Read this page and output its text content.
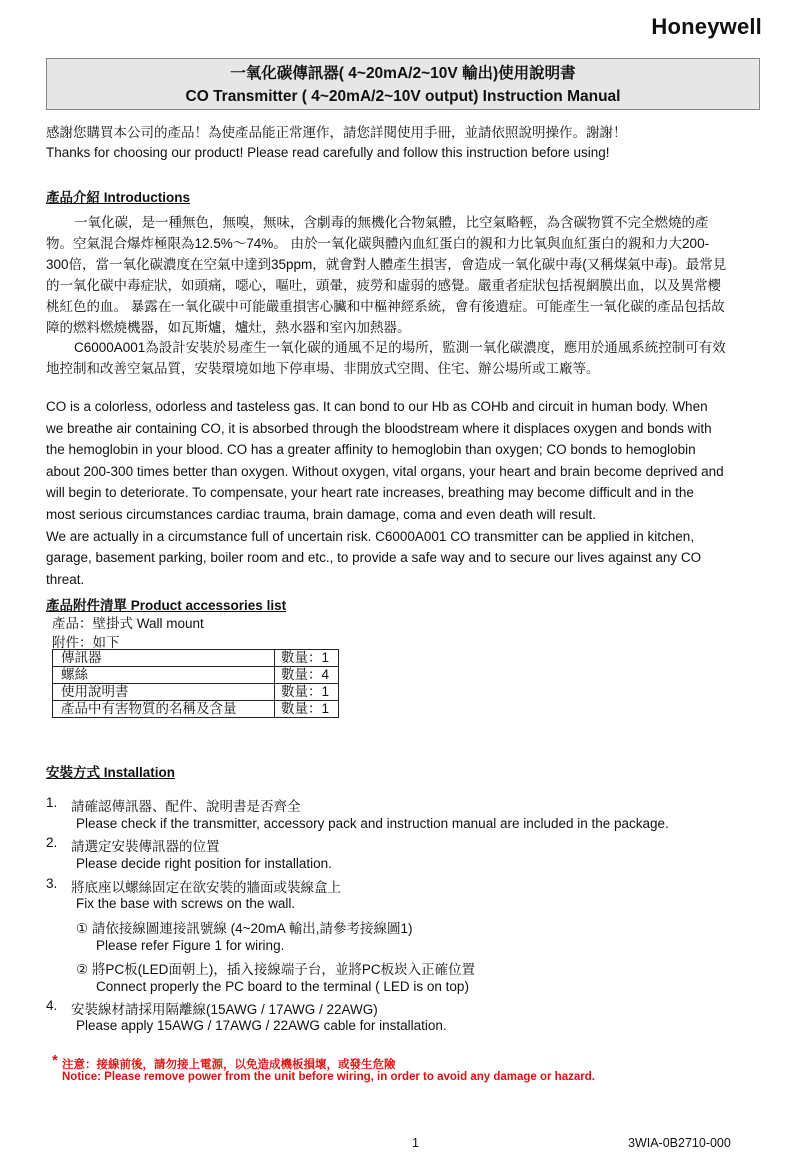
Honeywell
一氧化碳傳訊器( 4~20mA/2~10V 輸出)使用說明書
CO Transmitter ( 4~20mA/2~10V output) Instruction Manual
感謝您購買本公司的產品！為使產品能正常運作，請您詳閱使用手冊，並請依照說明操作。謝謝！
Thanks for choosing our product! Please read carefully and follow this instruction before using!
產品介紹 Introductions
一氧化碳，是一種無色，無嗅，無味，含劇毒的無機化合物氣體，比空氣略輕，為含碳物質不完全燃燒的產
物。空氣混合爆炸極限為12.5%～74%。 由於一氧化碳與體內血紅蛋白的親和力比氧與血紅蛋白的親和力大200-
300倍，當一氧化碳濃度在空氣中達到35ppm，就會對人體產生損害，會造成一氧化碳中毒(又稱煤氣中毒)。最常見
的一氧化碳中毒症狀，如頭痛，噁心，嘔吐，頭暈，疲勞和虛弱的感覺。嚴重者症狀包括視網膜出血，以及異常櫻
桃紅色的血。 暴露在一氧化碳中可能嚴重損害心臟和中樞神經系統，會有後遺症。可能產生一氧化碳的產品包括故
障的燃料燃燒機器，如瓦斯爐，爐灶，熱水器和室內加熱器。
C6000A001為設計安裝於易產生一氧化碳的通風不足的場所，監測一氧化碳濃度，應用於通風系統控制可有效
地控制和改善空氣品質，安裝環境如地下停車場、非開放式空間、住宅、辦公場所或工廠等。
CO is a colorless, odorless and tasteless gas. It can bond to our Hb as COHb and circuit in human body. When
we breathe air containing CO, it is absorbed through the bloodstream where it displaces oxygen and bonds with
the hemoglobin in your blood. CO has a greater affinity to hemoglobin than oxygen; CO bonds to hemoglobin
about 200-300 times better than oxygen. Without oxygen, vital organs, your heart and brain become deprived and
will begin to deteriorate. To compensate, your heart rate increases, breathing may become difficult and in the
most serious circumstances cardiac trauma, brain damage, coma and even death will result.
We are actually in a circumstance full of uncertain risk. C6000A001 CO transmitter can be applied in kitchen,
garage, basement parking, boiler room and etc., to provide a safe way and to secure our lives against any CO
threat.
產品附件清單 Product accessories list
產品：壁掛式 Wall mount
附件：如下
傳訊器	數量：1
螺絲	數量：4
使用說明書	數量：1
產品中有害物質的名稱及含量	數量：1
安裝方式 Installation
1.	請確認傳訊器、配件、說明書是否齊全
Please check if the transmitter, accessory pack and instruction manual are included in the package.
2.	請選定安裝傳訊器的位置
Please decide right position for installation.
3.	將底座以螺絲固定在欲安裝的牆面或裝線盒上
Fix the base with screws on the wall.
① 請依接線圖連接訊號線 (4~20mA 輸出,請參考接線圖1)
Please refer Figure 1 for wiring.
② 將PC板(LED面朝上)，插入接線端子台，並將PC板崁入正確位置
Connect properly the PC board to the terminal ( LED is on top)
4.	安裝線材請採用隔離線(15AWG / 17AWG / 22AWG)
Please apply 15AWG / 17AWG / 22AWG cable for installation.
* 注意：接線前後，請勿接上電源，以免造成機板損壞，或發生危險
Notice: Please remove power from the unit before wiring, in order to avoid any damage or hazard.
1	3WIA-0B2710-000
